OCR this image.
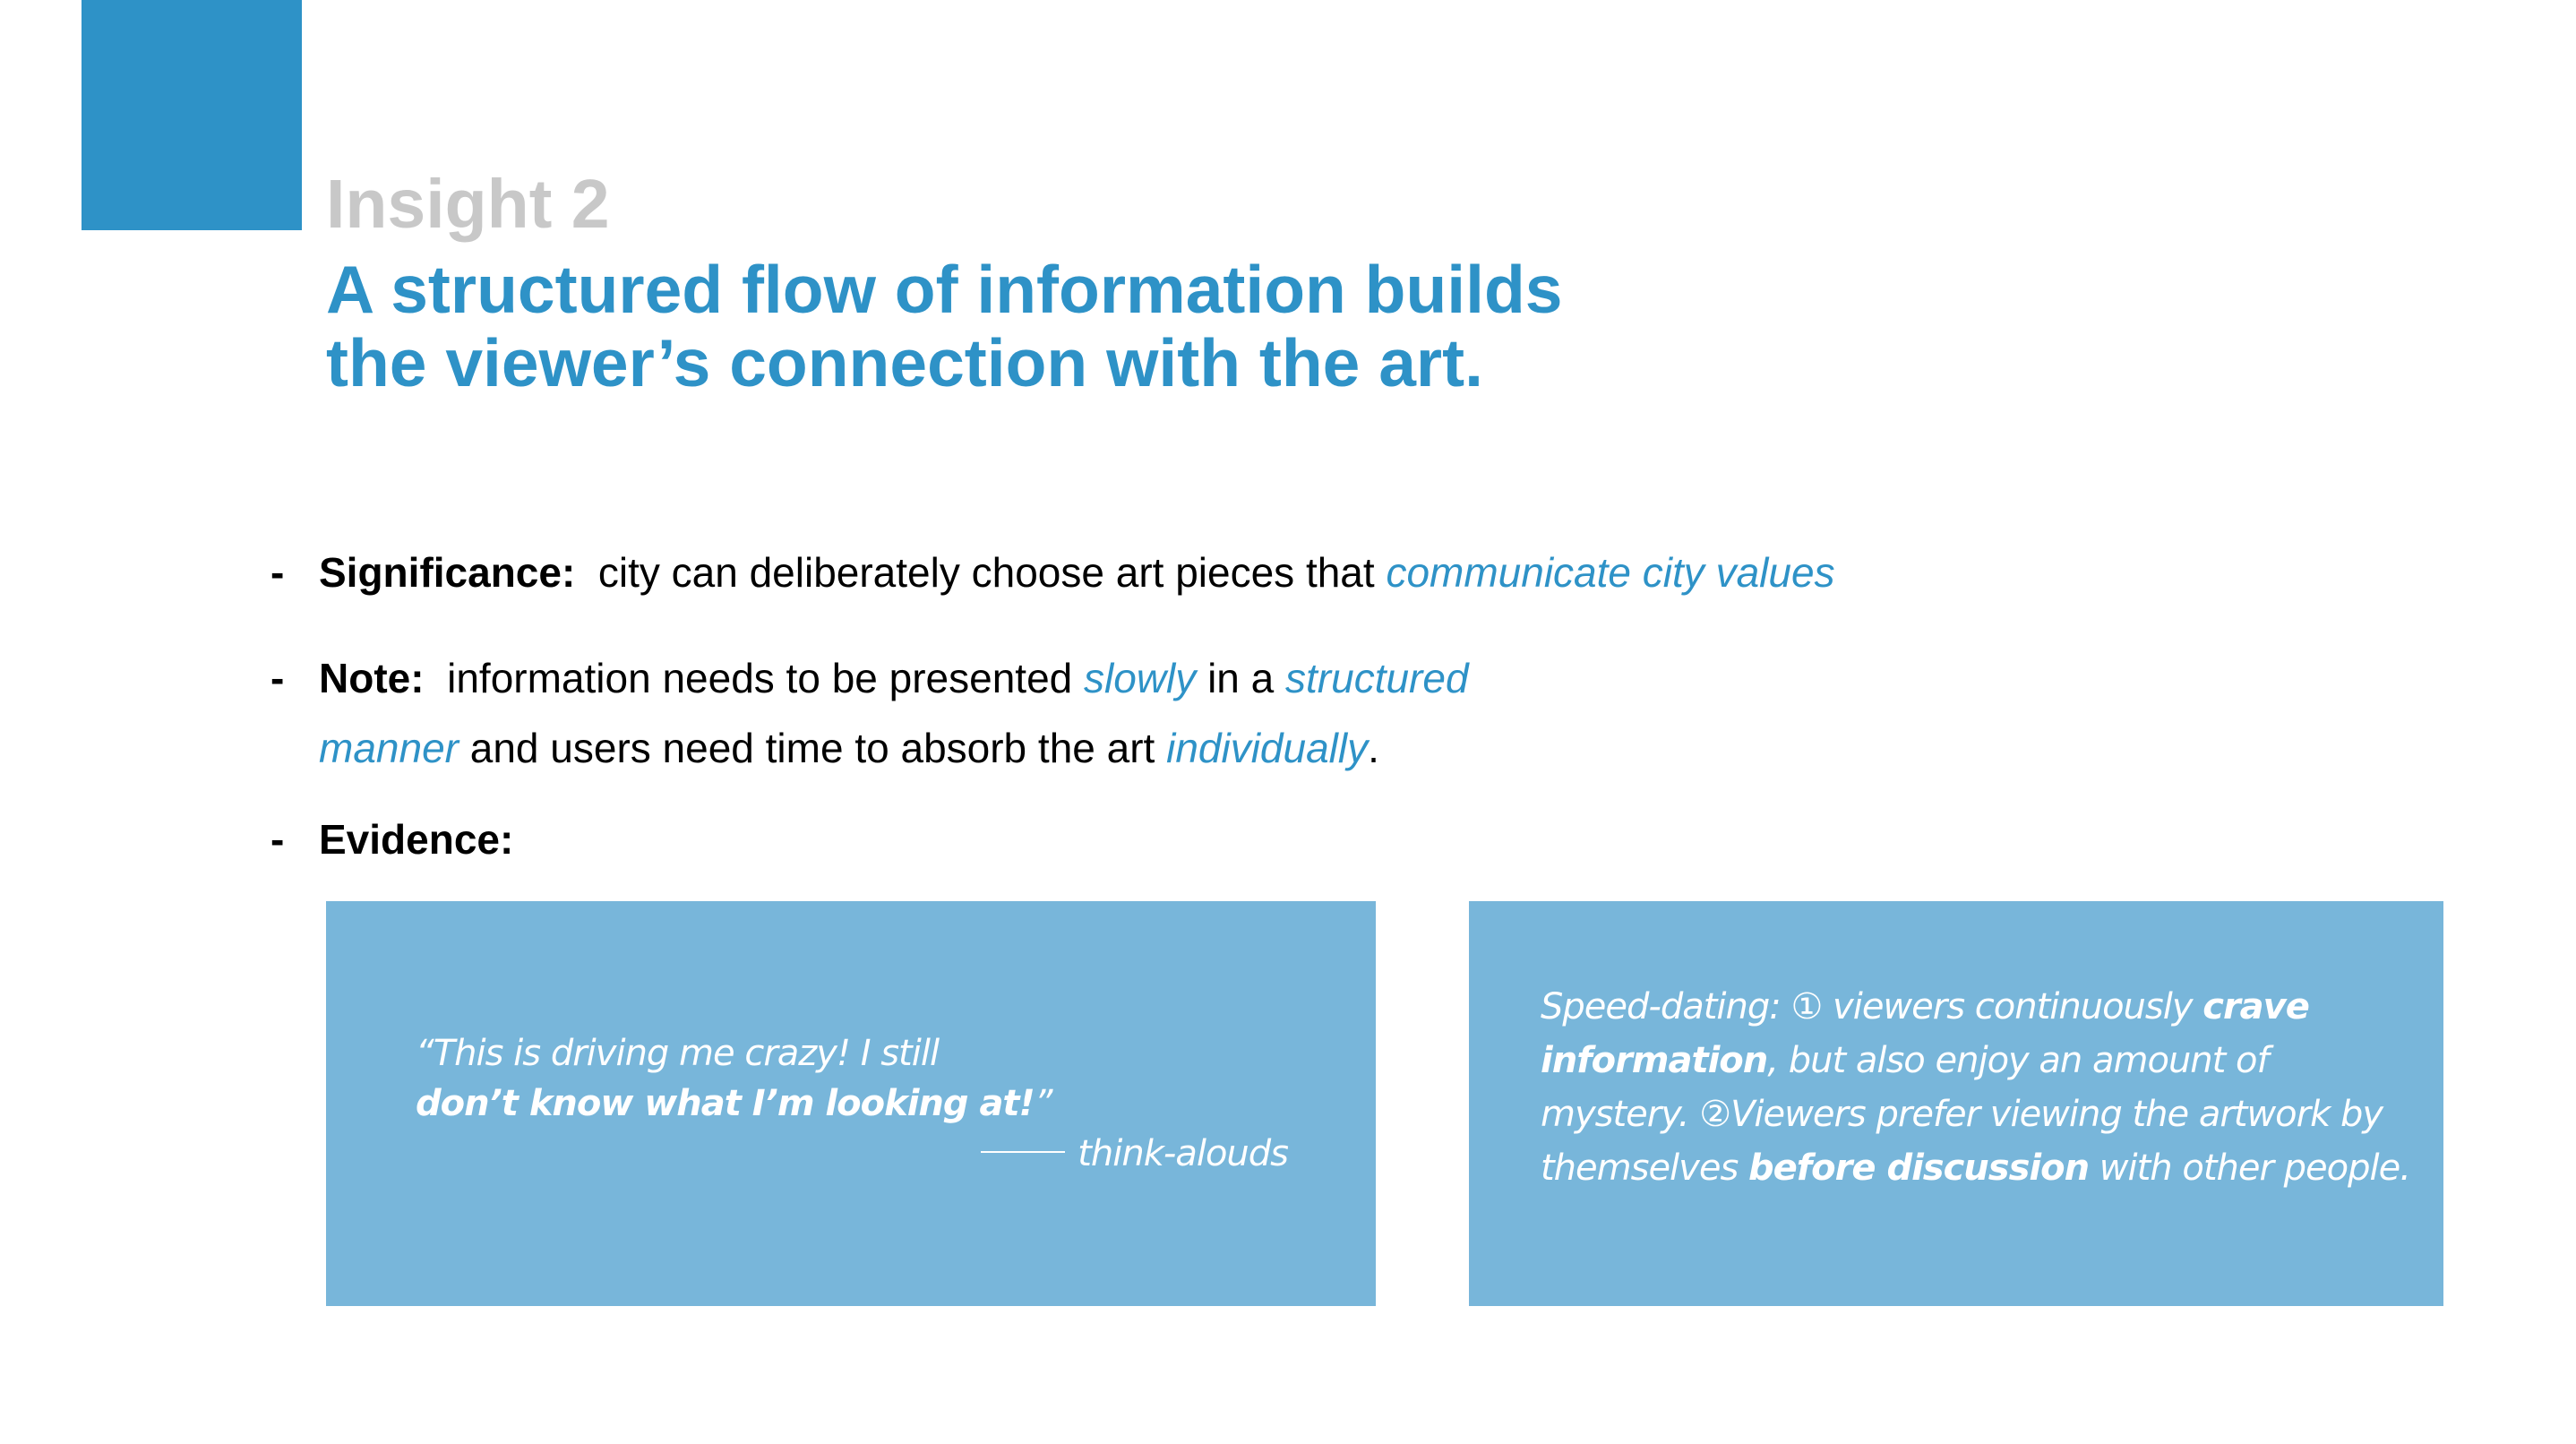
Insight 2
A structured flow of information builds
the viewer’s connection with the art.
- Significance: city can deliberately choose art pieces that communicate city values
- Note: information needs to be presented slowly in a structured
manner and users need time to absorb the art individually.
- Evidence:
“This is driving me crazy! I still
don’t know what I’m looking at!”
think-alouds
Speed-dating: ① viewers continuously crave
information, but also enjoy an amount of
mystery. ②Viewers prefer viewing the artwork by
themselves before discussion with other people.
